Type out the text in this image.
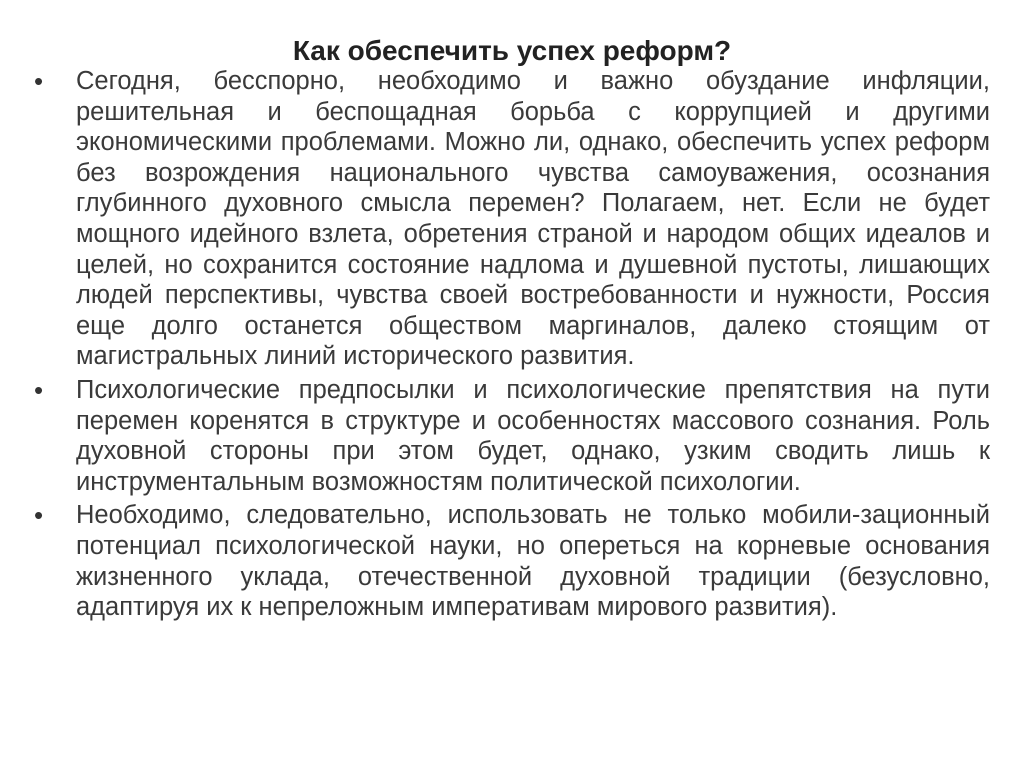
Как обеспечить успех реформ?
•	Сегодня, бесспорно, необходимо и важно обуздание инфляции, решительная и беспощадная борьба с коррупцией и другими экономическими проблемами. Можно ли, однако, обеспечить успех реформ без возрождения национального чувства самоуважения, осознания глубинного духовного смысла перемен? Полагаем, нет. Если не будет мощного идейного взлета, обретения страной и народом общих идеалов и целей, но сохранится состояние надлома и душевной пустоты, лишающих людей перспективы, чувства своей востребованности и нужности, Россия еще долго останется обществом маргиналов, далеко стоящим от магистральных линий исторического развития.
•	Психологические предпосылки и психологические препятствия на пути перемен коренятся в структуре и особенностях массового сознания. Роль духовной стороны при этом будет, однако, узким сводить лишь к инструментальным возможностям политической психологии.
•	Необходимо, следовательно, использовать не только мобили-зационный потенциал психологической науки, но опереться на корневые основания жизненного уклада, отечественной духовной традиции (безусловно, адаптируя их к непреложным императивам мирового развития).
